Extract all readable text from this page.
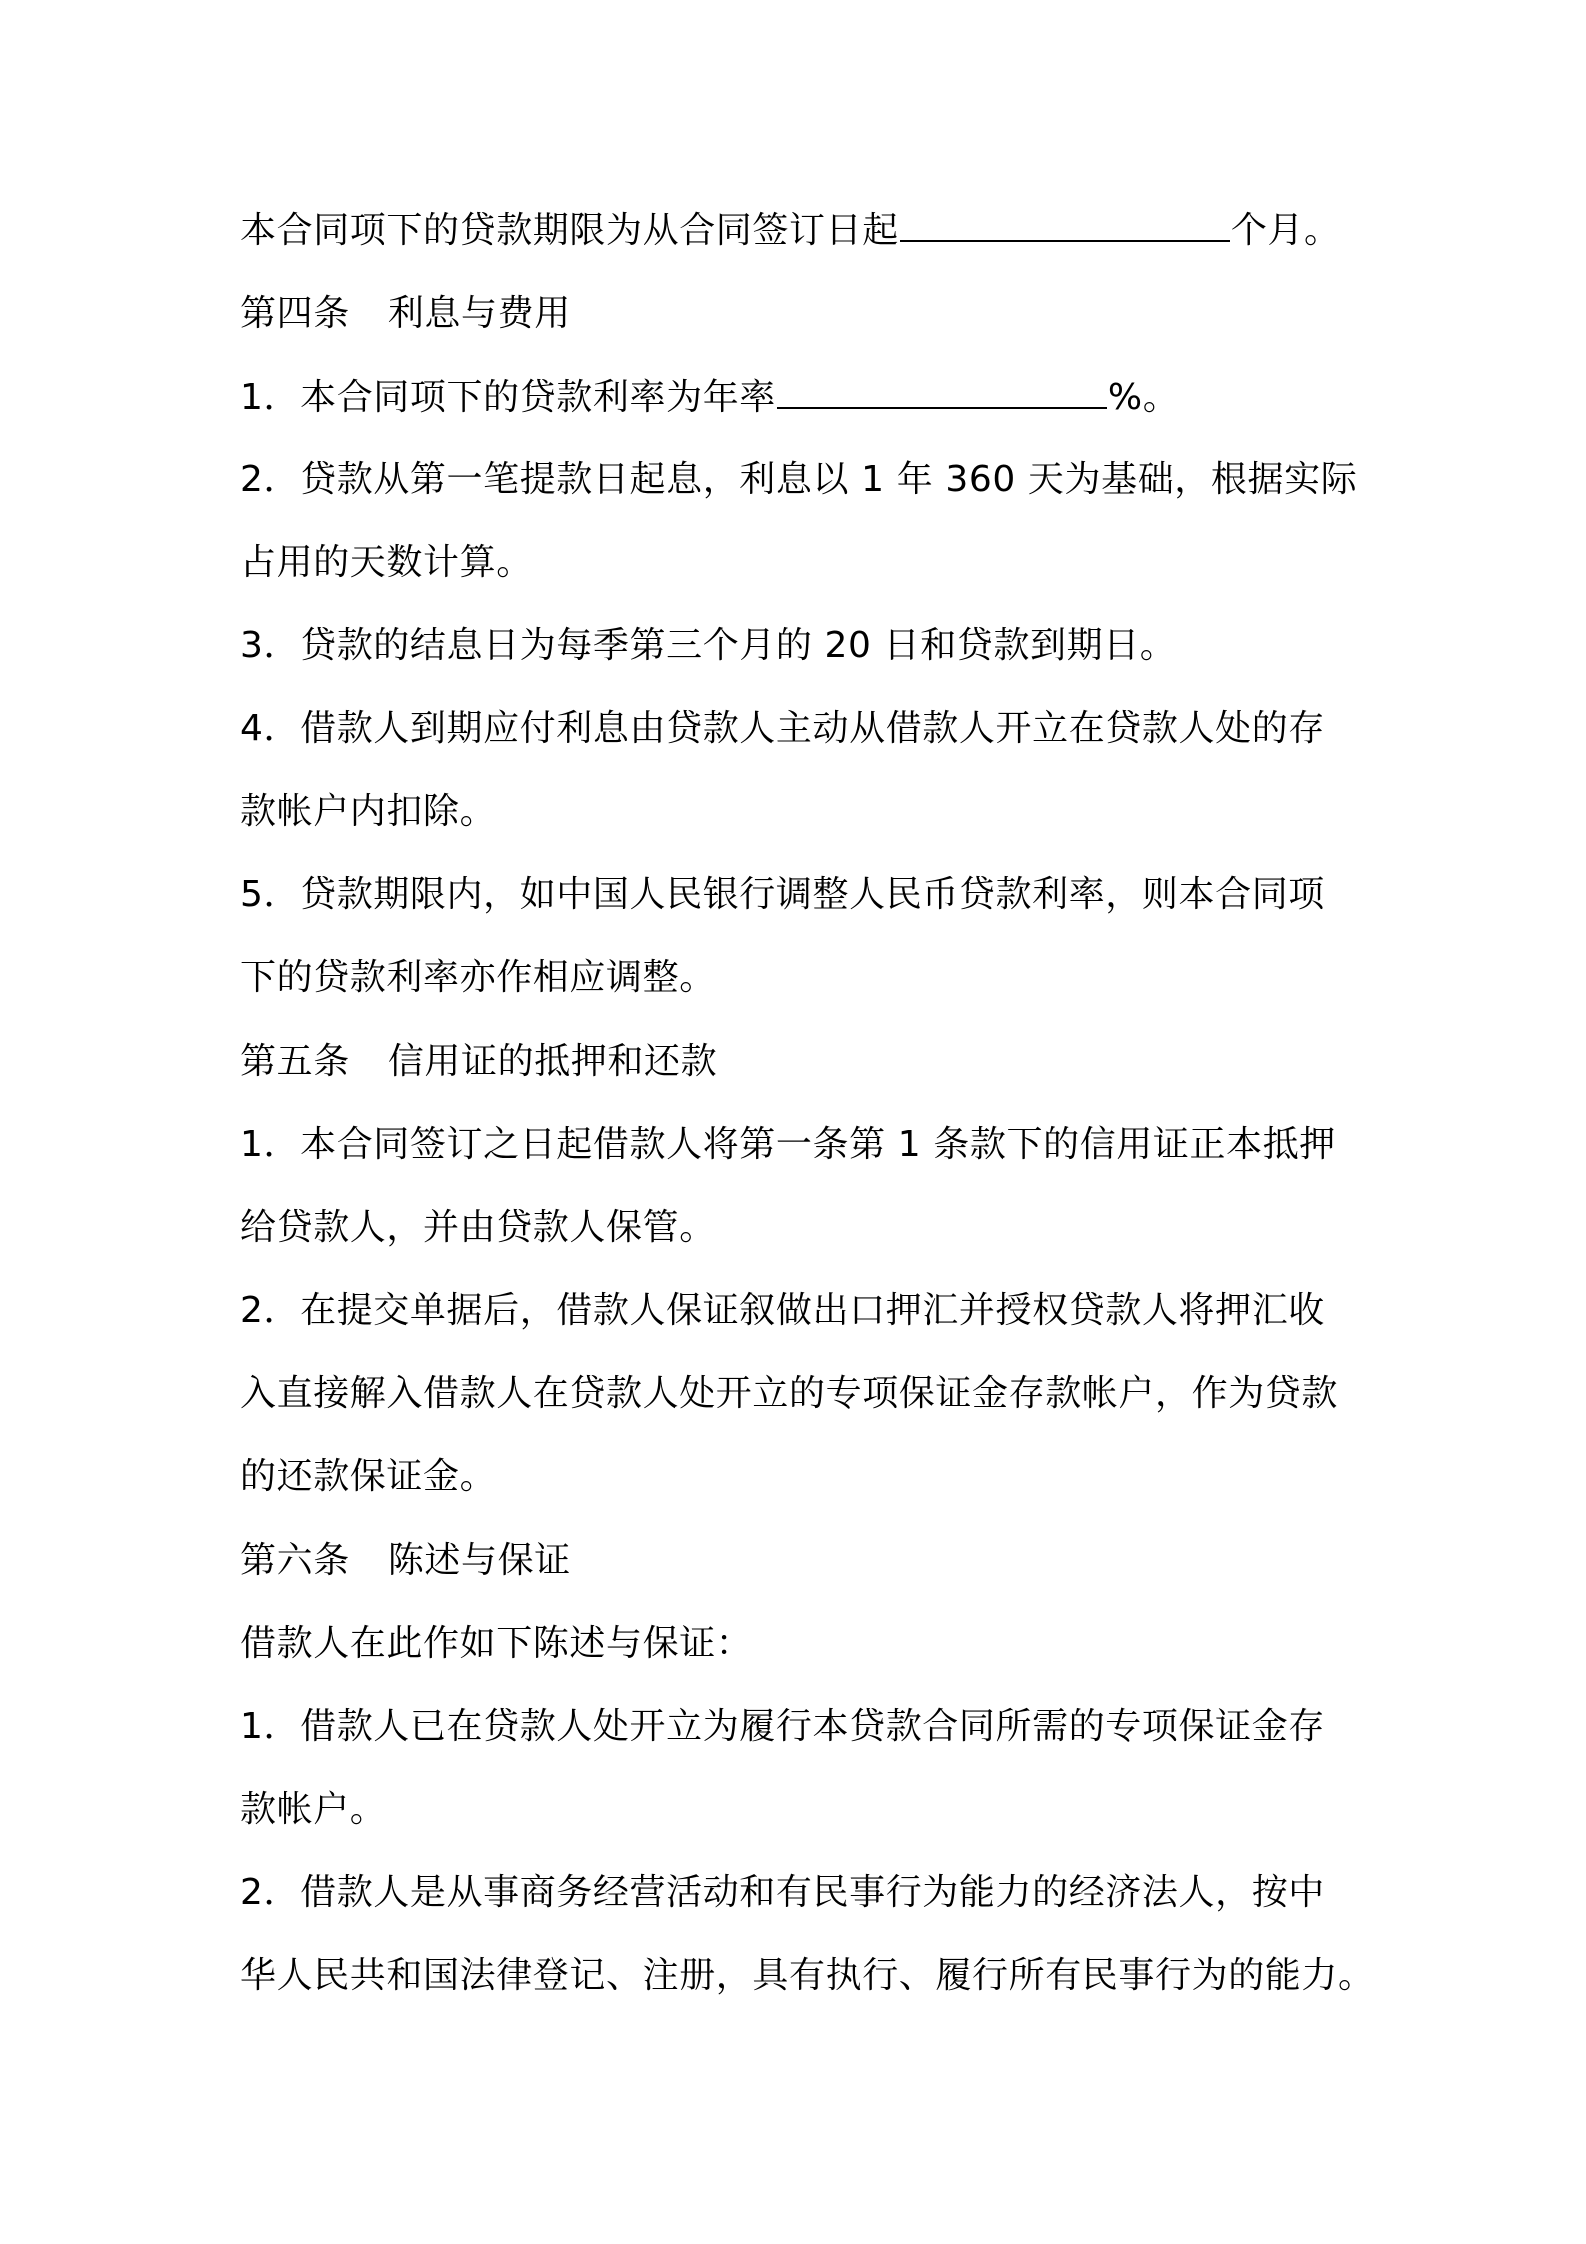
本合同项下的贷款期限为从合同签订日起	个月。
第四条 利息与费用
1．本合同项下的贷款利率为年率	%。
2．贷款从第一笔提款日起息，利息以 1 年 360 天为基础，根据实际
占用的天数计算。
3．贷款的结息日为每季第三个月的 20 日和贷款到期日。
4．借款人到期应付利息由贷款人主动从借款人开立在贷款人处的存
款帐户内扣除。
5．贷款期限内，如中国人民银行调整人民币贷款利率，则本合同项
下的贷款利率亦作相应调整。
第五条 信用证的抵押和还款
1．本合同签订之日起借款人将第一条第 1 条款下的信用证正本抵押
给贷款人，并由贷款人保管。
2．在提交单据后，借款人保证叙做出口押汇并授权贷款人将押汇收
入直接解入借款人在贷款人处开立的专项保证金存款帐户，作为贷款
的还款保证金。
第六条 陈述与保证
借款人在此作如下陈述与保证：
1．借款人已在贷款人处开立为履行本贷款合同所需的专项保证金存
款帐户。
2．借款人是从事商务经营活动和有民事行为能力的经济法人，按中
华人民共和国法律登记、注册，具有执行、履行所有民事行为的能力。
